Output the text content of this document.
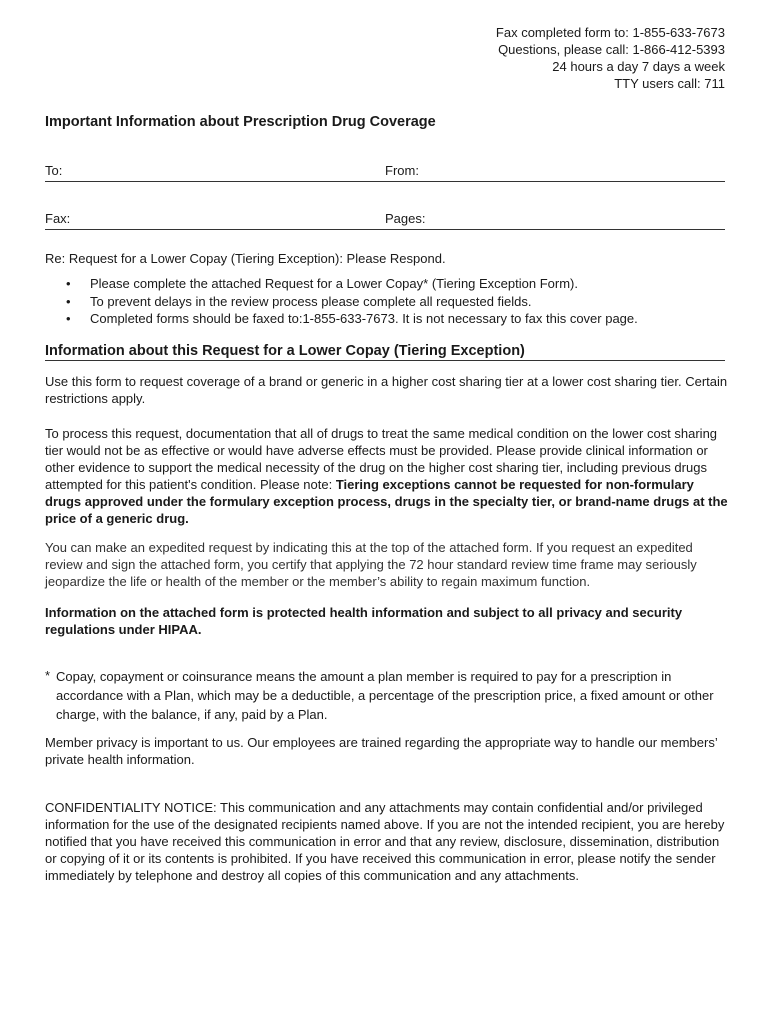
Fax completed form to: 1-855-633-7673
Questions, please call: 1-866-412-5393
24 hours a day 7 days a week
TTY users call: 711
Important Information about Prescription Drug Coverage
To:	From:
Fax:	Pages:
Re: Request for a Lower Copay (Tiering Exception): Please Respond.
• Please complete the attached Request for a Lower Copay* (Tiering Exception Form).
• To prevent delays in the review process please complete all requested fields.
• Completed forms should be faxed to:1-855-633-7673. It is not necessary to fax this cover page.
Information about this Request for a Lower Copay (Tiering Exception)

Use this form to request coverage of a brand or generic in a higher cost sharing tier at a lower cost sharing tier. Certain restrictions apply.

To process this request, documentation that all of drugs to treat the same medical condition on the lower cost sharing tier would not be as effective or would have adverse effects must be provided. Please provide clinical information or other evidence to support the medical necessity of the drug on the higher cost sharing tier, including previous drugs attempted for this patient's condition. Please note: Tiering exceptions cannot be requested for non-formulary drugs approved under the formulary exception process, drugs in the specialty tier, or brand-name drugs at the price of a generic drug.

You can make an expedited request by indicating this at the top of the attached form. If you request an expedited review and sign the attached form, you certify that applying the 72 hour standard review time frame may seriously jeopardize the life or health of the member or the member’s ability to regain maximum function.

Information on the attached form is protected health information and subject to all privacy and security regulations under HIPAA.

* Copay, copayment or coinsurance means the amount a plan member is required to pay for a prescription in accordance with a Plan, which may be a deductible, a percentage of the prescription price, a fixed amount or other charge, with the balance, if any, paid by a Plan.

Member privacy is important to us. Our employees are trained regarding the appropriate way to handle our members’ private health information.

CONFIDENTIALITY NOTICE: This communication and any attachments may contain confidential and/or privileged information for the use of the designated recipients named above. If you are not the intended recipient, you are hereby notified that you have received this communication in error and that any review, disclosure, dissemination, distribution or copying of it or its contents is prohibited. If you have received this communication in error, please notify the sender immediately by telephone and destroy all copies of this communication and any attachments.
